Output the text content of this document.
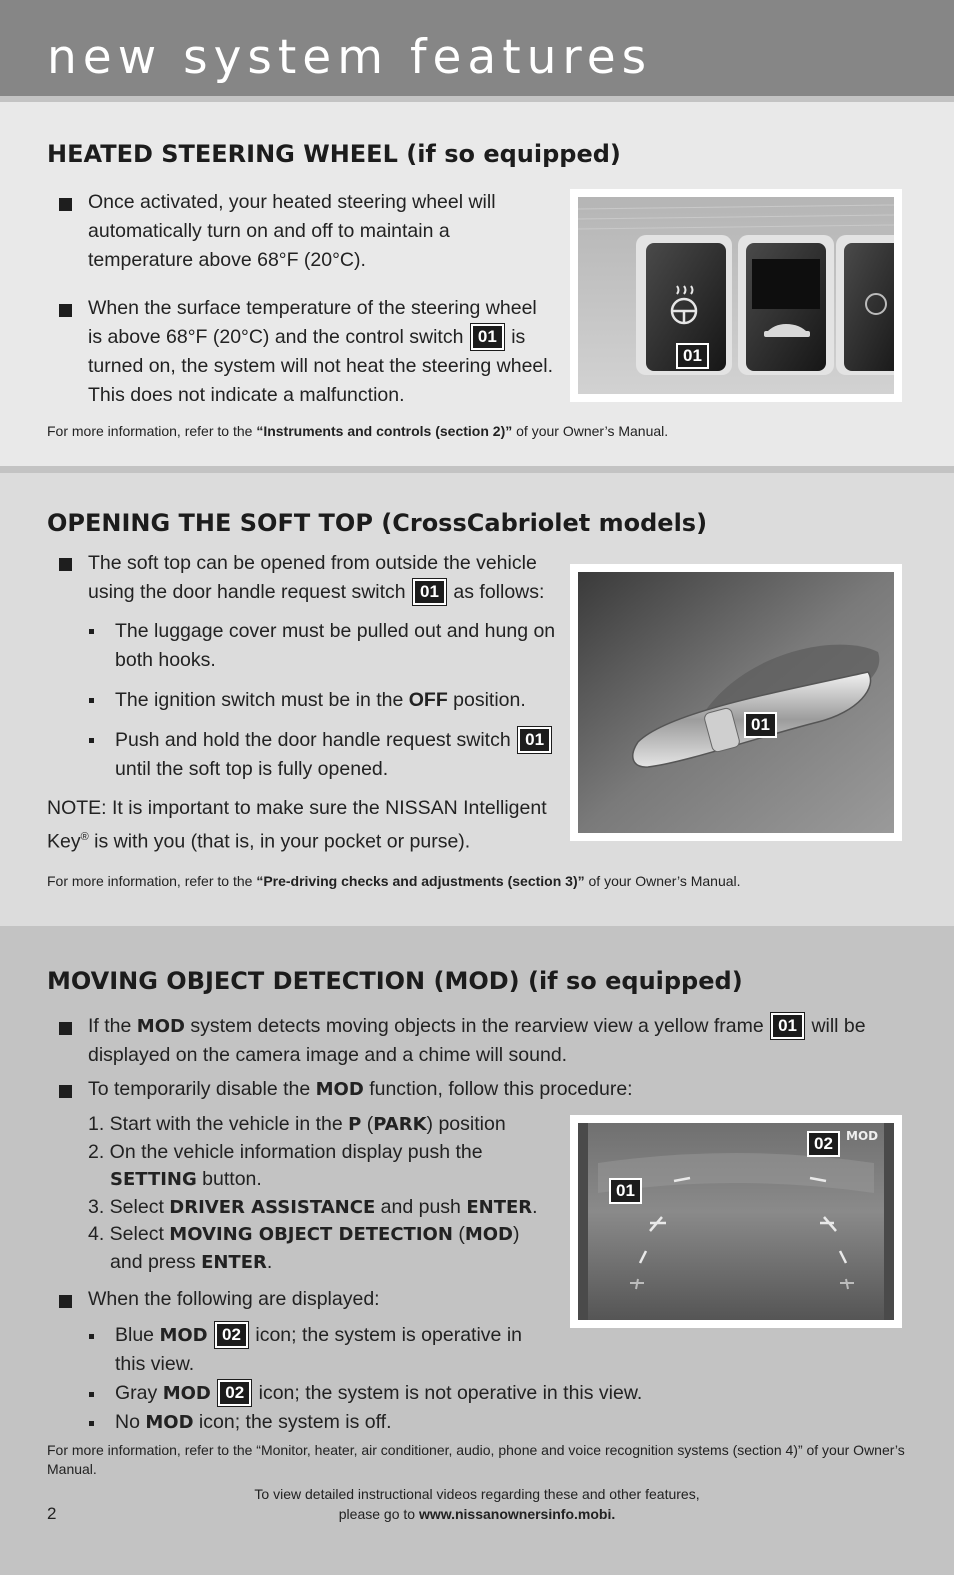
new system features
HEATED STEERING WHEEL (if so equipped)
Once activated, your heated steering wheel will automatically turn on and off to maintain a temperature above 68°F (20°C).
When the surface temperature of the steering wheel is above 68°F (20°C) and the control switch 01 is turned on, the system will not heat the steering wheel. This does not indicate a malfunction.
For more information, refer to the “Instruments and controls (section 2)” of your Owner’s Manual.
01
OPENING THE SOFT TOP (CrossCabriolet models)
The soft top can be opened from outside the vehicle using the door handle request switch 01 as follows:
The luggage cover must be pulled out and hung on both hooks.
The ignition switch must be in the OFF position.
Push and hold the door handle request switch 01 until the soft top is fully opened.
NOTE: It is important to make sure the NISSAN Intelligent Key® is with you (that is, in your pocket or purse).
For more information, refer to the “Pre-driving checks and adjustments (section 3)” of your Owner’s Manual.
01
MOVING OBJECT DETECTION (MOD) (if so equipped)
If the MOD system detects moving objects in the rearview view a yellow frame 01 will be displayed on the camera image and a chime will sound.
To temporarily disable the MOD function, follow this procedure:
1. Start with the vehicle in the P (PARK) position
2. On the vehicle information display push the
SETTING button.
3. Select DRIVER ASSISTANCE and push ENTER.
4. Select MOVING OBJECT DETECTION (MOD)
and press ENTER.
When the following are displayed:
Blue MOD 02 icon; the system is operative in this view.
Gray MOD 02 icon; the system is not operative in this view.
No MOD icon; the system is off.
For more information, refer to the “Monitor, heater, air conditioner, audio, phone and voice recognition systems (section 4)” of your Owner’s Manual.
01
02	MOD
To view detailed instructional videos regarding these and other features,
please go to www.nissanownersinfo.mobi.
2
